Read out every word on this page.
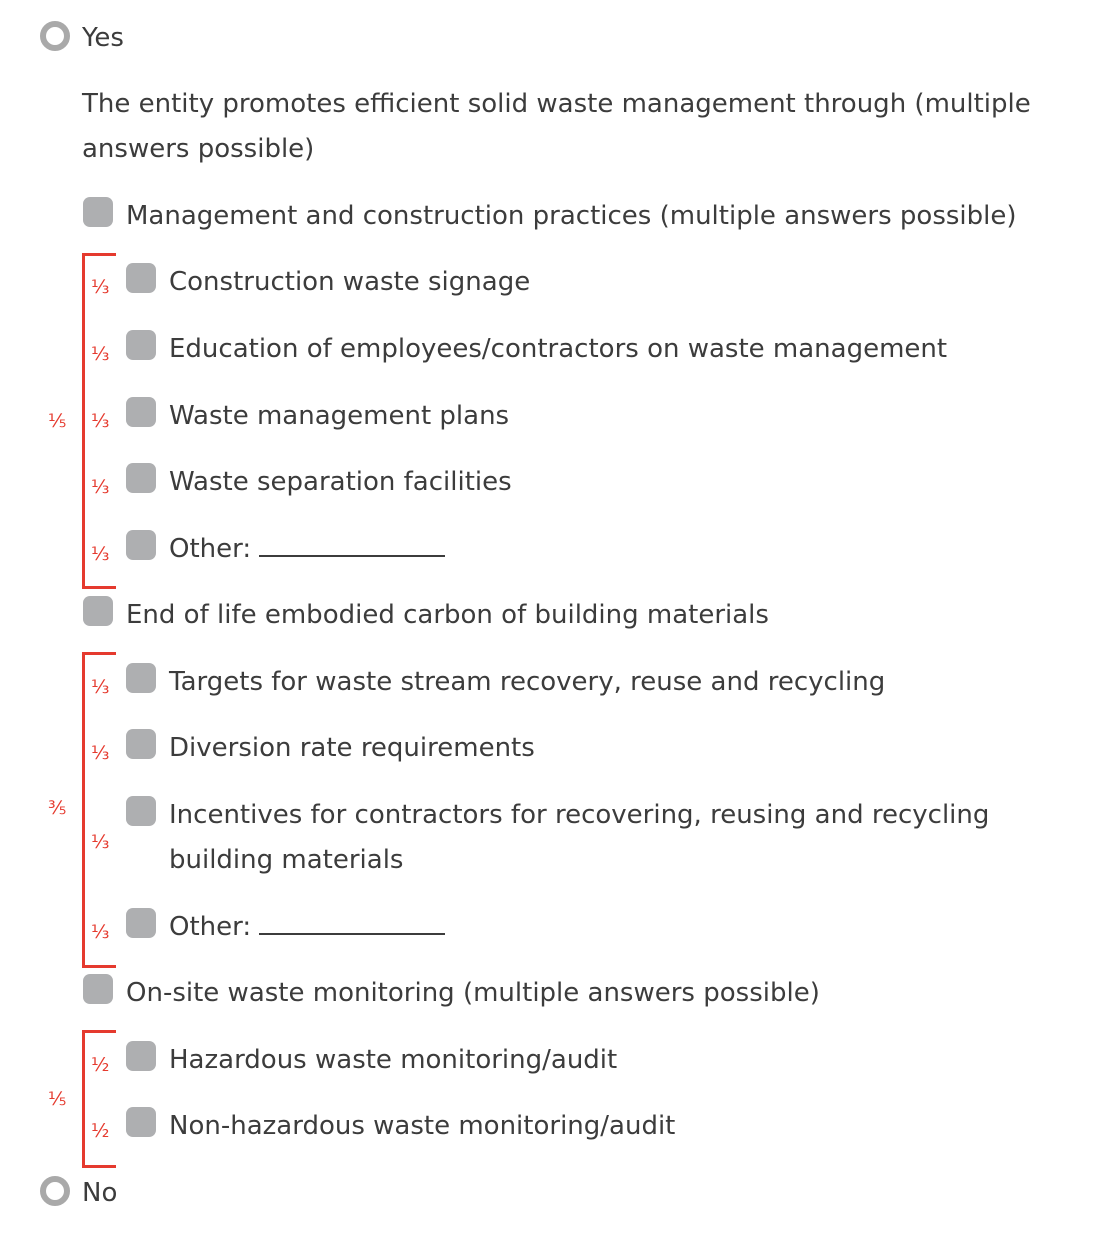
Yes
The entity promotes efficient solid waste management through (multiple answers possible)
Management and construction practices (multiple answers possible)
⅕
⅓ Construction waste signage
⅓ Education of employees/contractors on waste management
⅓ Waste management plans
⅓ Waste separation facilities
⅓ Other:
End of life embodied carbon of building materials
⅗
⅓ Targets for waste stream recovery, reuse and recycling
⅓ Diversion rate requirements
⅓
Incentives for contractors for recovering, reusing and recycling building materials
⅓ Other:
On-site waste monitoring (multiple answers possible)
⅕
½ Hazardous waste monitoring/audit
½ Non-hazardous waste monitoring/audit
No
